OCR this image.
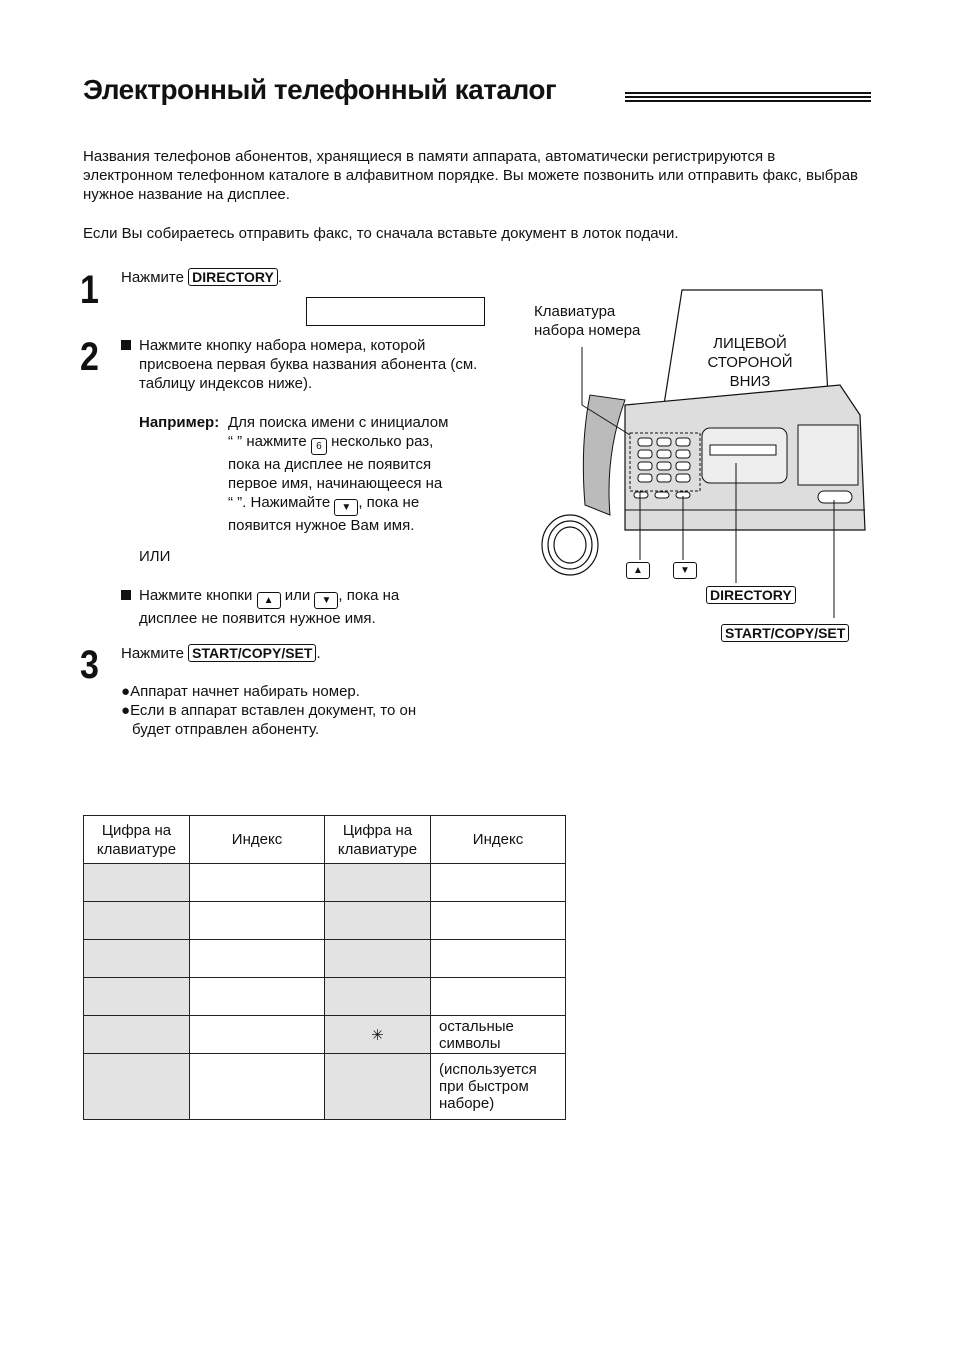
Электронный телефонный каталог
Названия телефонов абонентов, хранящиеся в памяти аппарата, автоматически регистрируются в электронном телефонном каталоге в алфавитном порядке. Вы можете позвонить или отправить факс, выбрав нужное название на дисплее.
Если Вы собираетесь отправить факс, то сначала вставьте документ в лоток подачи.
1 Нажмите DIRECTORY .
2	Нажмите кнопку набора номера, которой присвоена первая буква названия абонента (см. таблицу индексов ниже).
Например: Для поиска имени с инициалом
“ ” нажмите 6 несколько раз,
пока на дисплее не появится
первое имя, начинающееся на
“ ”. Нажимайте ▼ , пока не
появится нужное Вам имя.
ИЛИ
Нажмите кнопки ▲ или ▼ , пока на
дисплее не появится нужное имя.
3 Нажмите START/COPY/SET .
●Аппарат начнет набирать номер.
●Если в аппарат вставлен документ, то он
будет отправлен абоненту.
Клавиатура
набора номера
ЛИЦЕВОЙ
СТОРОНОЙ
ВНИЗ
▲	▼
DIRECTORY
START/COPY/SET
Цифра на клавиатуре	Индекс	Цифра на клавиатуре	Индекс

		✳	остальные символы
			(используется при быстром наборе)
